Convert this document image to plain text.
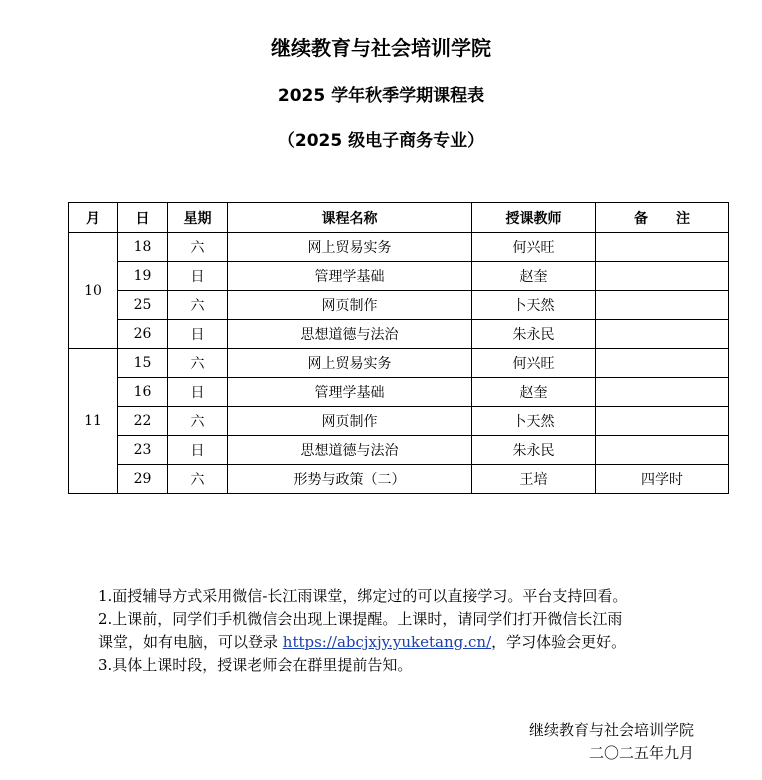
继续教育与社会培训学院
2025 学年秋季学期课程表
（2025 级电子商务专业）
月	日	星期	课程名称	授课教师	备　　注
10	18	六	网上贸易实务	何兴旺	
	19	日	管理学基础	赵奎	
	25	六	网页制作	卜天然	
	26	日	思想道德与法治	朱永民	
11	15	六	网上贸易实务	何兴旺	
	16	日	管理学基础	赵奎	
	22	六	网页制作	卜天然	
	23	日	思想道德与法治	朱永民	
	29	六	形势与政策（二）	王培	四学时

1.面授辅导方式采用微信-长江雨课堂，绑定过的可以直接学习。平台支持回看。

2.上课前，同学们手机微信会出现上课提醒。上课时，请同学们打开微信长江雨

课堂，如有电脑，可以登录 https://abcjxjy.yuketang.cn/，学习体验会更好。

3.具体上课时段，授课老师会在群里提前告知。

继续教育与社会培训学院
二〇二五年九月
